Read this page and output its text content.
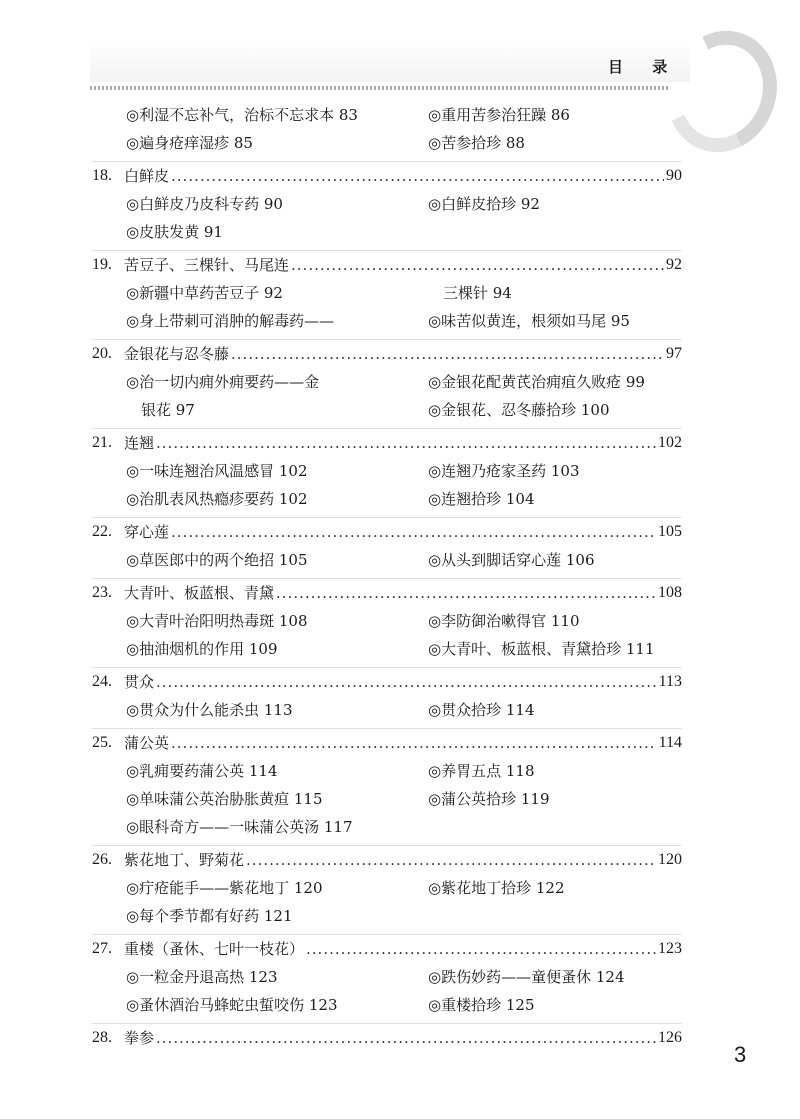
目 录
◎利湿不忘补气，治标不忘求本 83	◎重用苦参治狂躁 86
◎遍身疮痒湿疹 85	◎苦参拾珍 88
18. 白鲜皮 .....	90
◎白鲜皮乃皮科专药 90	◎白鲜皮拾珍 92
◎皮肤发黄 91
19. 苦豆子、三棵针、马尾连 .....	92
◎新疆中草药苦豆子 92	　三棵针 94
◎身上带刺可消肿的解毒药——	◎味苦似黄连，根须如马尾 95
20. 金银花与忍冬藤 .....	97
◎治一切内痈外痈要药——金	◎金银花配黄芪治痈疽久败疮 99
　银花 97	◎金银花、忍冬藤拾珍 100
21. 连翘 .....	102
◎一味连翘治风温感冒 102	◎连翘乃疮家圣药 103
◎治肌表风热瘾疹要药 102	◎连翘拾珍 104
22. 穿心莲 .....	105
◎草医郎中的两个绝招 105	◎从头到脚话穿心莲 106
23. 大青叶、板蓝根、青黛 .....	108
◎大青叶治阳明热毒斑 108	◎李防御治嗽得官 110
◎抽油烟机的作用 109	◎大青叶、板蓝根、青黛拾珍 111
24. 贯众 .....	113
◎贯众为什么能杀虫 113	◎贯众拾珍 114
25. 蒲公英 .....	114
◎乳痈要药蒲公英 114	◎养胃五点 118
◎单味蒲公英治胁胀黄疸 115	◎蒲公英拾珍 119
◎眼科奇方——一味蒲公英汤 117
26. 紫花地丁、野菊花 .....	120
◎疔疮能手——紫花地丁 120	◎紫花地丁拾珍 122
◎每个季节都有好药 121
27. 重楼（蚤休、七叶一枝花） .....	123
◎一粒金丹退高热 123	◎跌伤妙药——童便蚤休 124
◎蚤休酒治马蜂蛇虫蜇咬伤 123	◎重楼拾珍 125
28. 拳参 .....	126
3
